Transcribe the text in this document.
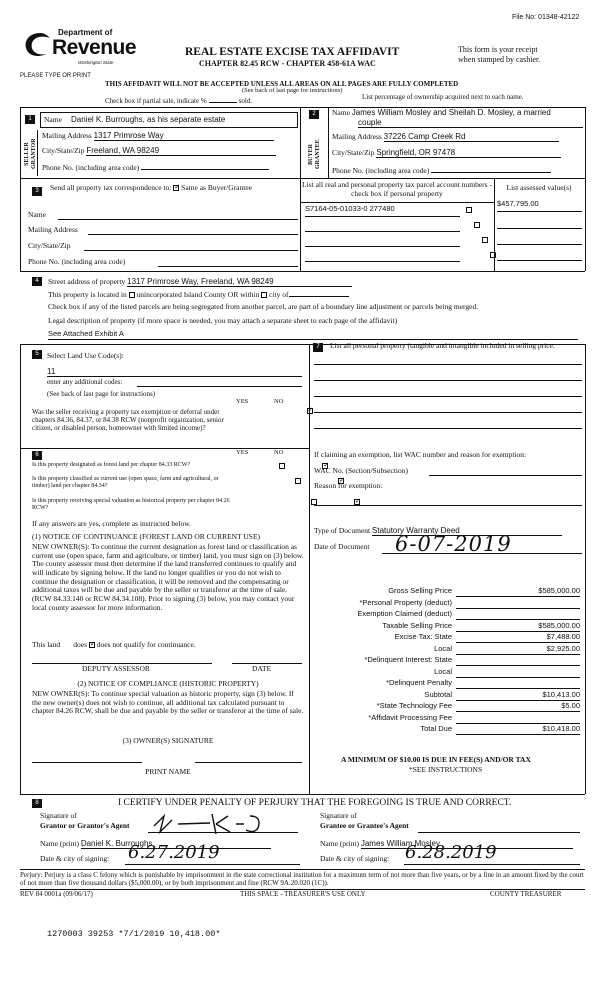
File No: 01348-42122
Department of
Revenue
Washington State
REAL ESTATE EXCISE TAX AFFIDAVIT
CHAPTER 82.45 RCW - CHAPTER 458-61A WAC
This form is your receipt
when stamped by cashier.
PLEASE TYPE OR PRINT
THIS AFFIDAVIT WILL NOT BE ACCEPTED UNLESS ALL AREAS ON ALL PAGES ARE FULLY COMPLETED
(See back of last page for instructions)
Check box if partial sale, indicate %	sold.	List percentage of ownership acquired next to each name.
1
SELLER GRANTOR
Name Daniel K. Burroughs, as his separate estate
Mailing Address 1317 Primrose Way
City/State/Zip Freeland, WA 98249
Phone No. (including area code)
2
BUYER GRANTEE
Name James William Mosley and Sheilah D. Mosley, a married
couple
Mailing Address 37226 Camp Creek Rd
City/State/Zip Springfield, OR 97478
Phone No. (including area code)
3	Send all property tax correspondence to: ✓ Same as Buyer/Grantee
Name
Mailing Address
City/State/Zip
Phone No. (including area code)
List all real and personal property tax parcel account numbers - check box if personal property
List assessed value(s)
S7164-05-01033-0 277480

$457,795.00

4	Street address of property 1317 Primrose Way, Freeland, WA 98249
This property is located in unincorporated Island County OR within city of
Check box if any of the listed parcels are being segregated from another parcel, are part of a boundary line adjustment or parcels being merged.
Legal description of property (if more space is needed, you may attach a separate sheet to each page of the affidavit)
See Attached Exhibit A
5	Select Land Use Code(s):
11
enter any additional codes:
(See back of last page for instructions)
YES	NO
Was the seller receiving a property tax exemption or deferral under chapters 84.36, 84.37, or 84.38 RCW (nonprofit organization, senior citizen, or disabled person, homeowner with limited income)?
✓
6	YES	NO
Is this property designated as forest land per chapter 84.33 RCW?
✓
Is this property classified as current use (open space, farm and agricultural, or timber) land per chapter 84.34?
✓
Is this property receiving special valuation as historical property per chapter 84.26 RCW?
✓
If any answers are yes, complete as instructed below.
(1) NOTICE OF CONTINUANCE (FOREST LAND OR CURRENT USE)
NEW OWNER(S): To continue the current designation as forest land or classification as current use (open space, farm and agriculture, or timber) land, you must sign on (3) below. The county assessor must then determine if the land transferred continues to qualify and will indicate by signing below. If the land no longer qualifies or you do not wish to continue the designation or classification, it will be removed and the compensating or additional taxes will be due and payable by the seller or transferor at the time of sale. (RCW 84.33.140 or RCW 84.34.108). Prior to signing (3) below, you may contact your local county assessor for more information.
This land does ✓ does not qualify for continuance.
DEPUTY ASSESSOR	DATE
(2) NOTICE OF COMPLIANCE (HISTORIC PROPERTY)
NEW OWNER(S): To continue special valuation as historic property, sign (3) below. If the new owner(s) does not wish to continue, all additional tax calculated pursuant to chapter 84.26 RCW, shall be due and payable by the seller or transferor at the time of sale.
(3) OWNER(S) SIGNATURE
PRINT NAME
7	List all personal property (tangible and intangible included in selling price.
If claiming an exemption, list WAC number and reason for exemption:
WAC No. (Section/Subsection)
Reason for exemption:
Type of Document Statutory Warranty Deed
Date of Document 6-07-2019
Gross Selling Price	$585,000.00
*Personal Property (deduct)
Exemption Claimed (deduct)
Taxable Selling Price	$585,000.00
Excise Tax: State	$7,488.00
Local	$2,925.00
*Delinquent Interest: State
Local
*Delinquent Penalty
Subtotal	$10,413.00
*State Technology Fee	$5.00
*Affidavit Processing Fee
Total Due	$10,418.00
A MINIMUM OF $10.00 IS DUE IN FEE(S) AND/OR TAX
*SEE INSTRUCTIONS
8	I CERTIFY UNDER PENALTY OF PERJURY THAT THE FOREGOING IS TRUE AND CORRECT.
Signature of
Grantor or Grantor's Agent
Signature of
Grantee or Grantee's Agent
Name (print) Daniel K. Burroughs	Name (print) James William Mosley
Date & city of signing: 6.27.2019	Date & city of signing: 6.28.2019
Perjury: Perjury is a class C felony which is punishable by imprisonment in the state correctional institution for a maximum term of not more than five years, or by a fine in an amount fixed by the court of not more than five thousand dollars ($5,000.00), or by both imprisonment and fine (RCW 9A.20.020 (1C)).
REV 84 0001a (09/06/17)	THIS SPACE - TREASURER'S USE ONLY	COUNTY TREASURER
1270003 39253 *7/1/2019 10,418.00*
